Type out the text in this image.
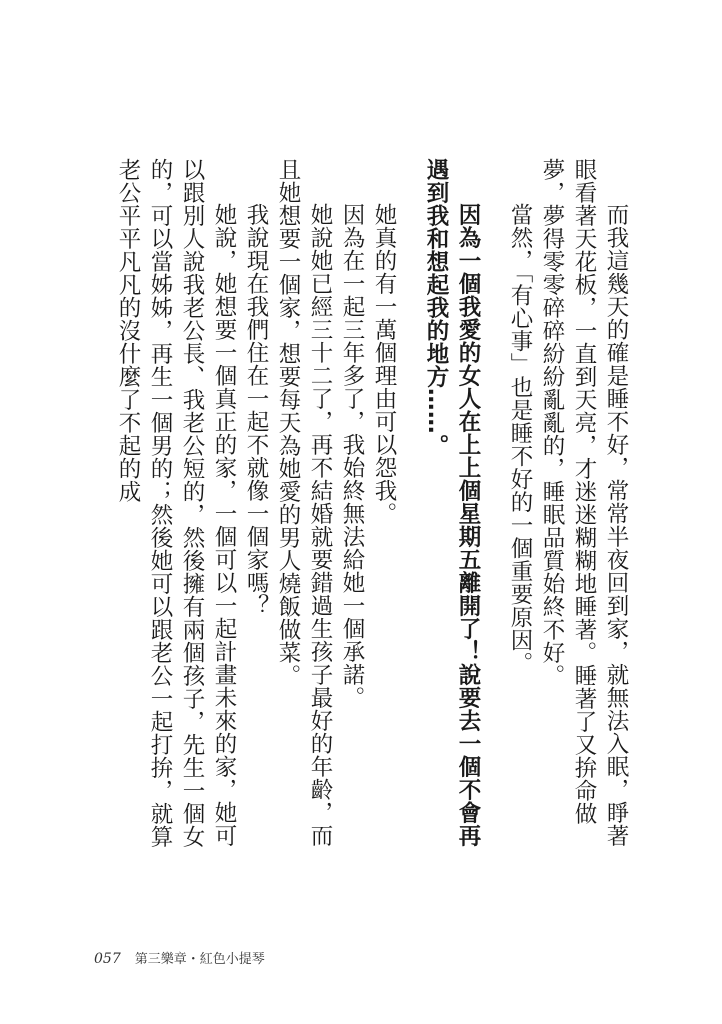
而我這幾天的確是睡不好，常常半夜回到家，就無法入眠，睜著眼看著天花板，一直到天亮，才迷迷糊糊地睡著。睡著了又拚命做夢，夢得零零碎碎紛紛亂亂的，睡眠品質始終不好。

當然，「有心事」也是睡不好的一個重要原因。

因為一個我愛的女人在上上個星期五離開了！說要去一個不會再遇到我和想起我的地方……。

她真的有一萬個理由可以怨我。

因為在一起三年多了，我始終無法給她一個承諾。

她說她已經三十二了，再不結婚就要錯過生孩子最好的年齡，而且她想要一個家，想要每天為她愛的男人燒飯做菜。

我說現在我們住在一起不就像一個家嗎？

她說，她想要一個真正的家，一個可以一起計畫未來的家，她可以跟別人說我老公長、我老公短的，然後擁有兩個孩子，先生一個女的，可以當姊姊，再生一個男的；然後她可以跟老公一起打拚，就算老公平平凡凡的沒什麼了不起的成

057 第三樂章・紅色小提琴
